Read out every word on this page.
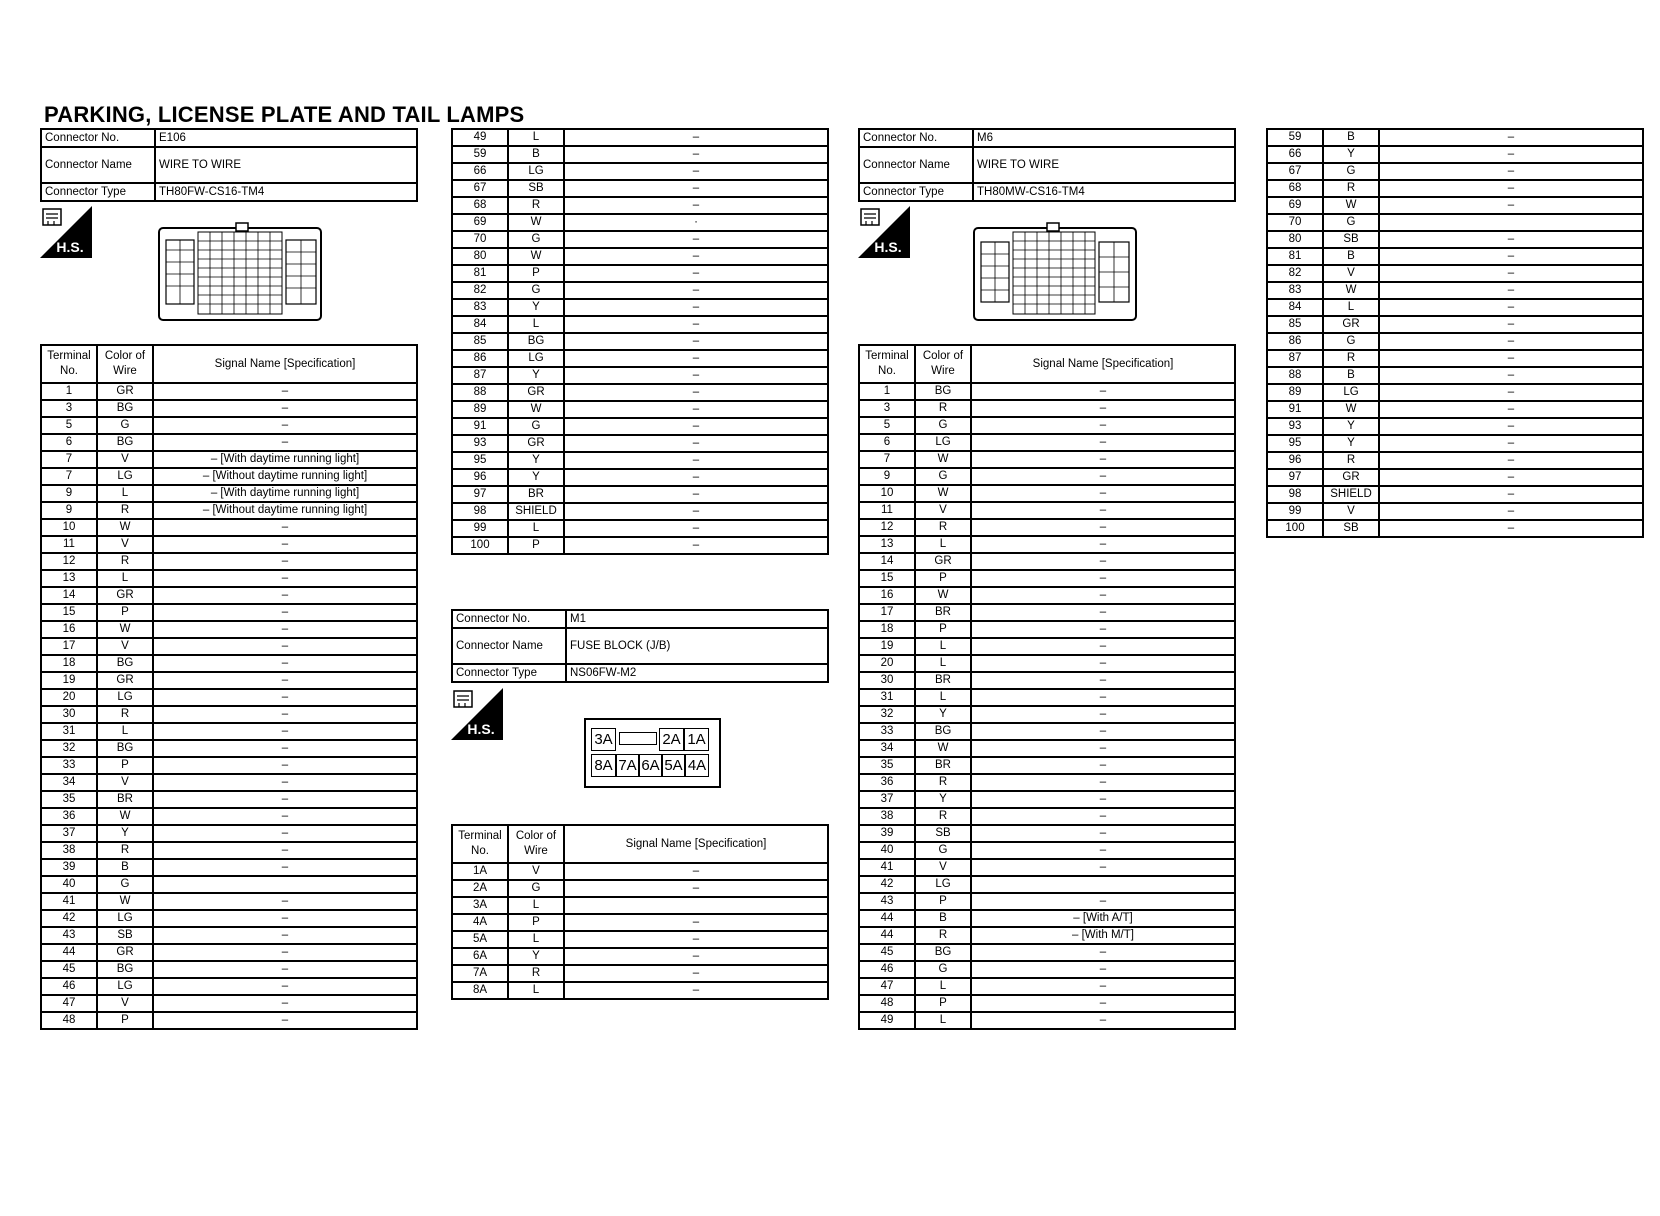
PARKING, LICENSE PLATE AND TAIL LAMPS
Connector No.	E106
Connector Name	WIRE TO WIRE
Connector Type	TH80FW-CS16-TM4
H.S.
Terminal No.	Color of Wire	Signal Name [Specification]
1	GR	–
3	BG	–
5	G	–
6	BG	–
7	V	– [With daytime running light]
7	LG	– [Without daytime running light]
9	L	– [With daytime running light]
9	R	– [Without daytime running light]
10	W	–
11	V	–
12	R	–
13	L	–
14	GR	–
15	P	–
16	W	–
17	V	–
18	BG	–
19	GR	–
20	LG	–
30	R	–
31	L	–
32	BG	–
33	P	–
34	V	–
35	BR	–
36	W	–
37	Y	–
38	R	–
39	B	–
40	G	
41	W	–
42	LG	–
43	SB	–
44	GR	–
45	BG	–
46	LG	–
47	V	–
48	P	–
49	L	–
59	B	–
66	LG	–
67	SB	–
68	R	–
69	W	·
70	G	–
80	W	–
81	P	–
82	G	–
83	Y	–
84	L	–
85	BG	–
86	LG	–
87	Y	–
88	GR	–
89	W	–
91	G	–
93	GR	–
95	Y	–
96	Y	–
97	BR	–
98	SHIELD	–
99	L	–
100	P	–
Connector No.	M1
Connector Name	FUSE BLOCK (J/B)
Connector Type	NS06FW-M2
H.S.
3A	2A 1A
8A 7A 6A 5A 4A
Terminal No.	Color of Wire	Signal Name [Specification]
1A	V	–
2A	G	–
3A	L	
4A	P	–
5A	L	–
6A	Y	–
7A	R	–
8A	L	–
Connector No.	M6
Connector Name	WIRE TO WIRE
Connector Type	TH80MW-CS16-TM4
H.S.
Terminal No.	Color of Wire	Signal Name [Specification]
1	BG	–
3	R	–
5	G	–
6	LG	–
7	W	–
9	G	–
10	W	–
11	V	–
12	R	–
13	L	–
14	GR	–
15	P	–
16	W	–
17	BR	–
18	P	–
19	L	–
20	L	–
30	BR	–
31	L	–
32	Y	–
33	BG	–
34	W	–
35	BR	–
36	R	–
37	Y	–
38	R	–
39	SB	–
40	G	–
41	V	–
42	LG	
43	P	–
44	B	– [With A/T]
44	R	– [With M/T]
45	BG	–
46	G	–
47	L	–
48	P	–
49	L	–
59	B	–
66	Y	–
67	G	–
68	R	–
69	W	–
70	G	
80	SB	–
81	B	–
82	V	–
83	W	–
84	L	–
85	GR	–
86	G	–
87	R	–
88	B	–
89	LG	–
91	W	–
93	Y	–
95	Y	–
96	R	–
97	GR	–
98	SHIELD	–
99	V	–
100	SB	–
